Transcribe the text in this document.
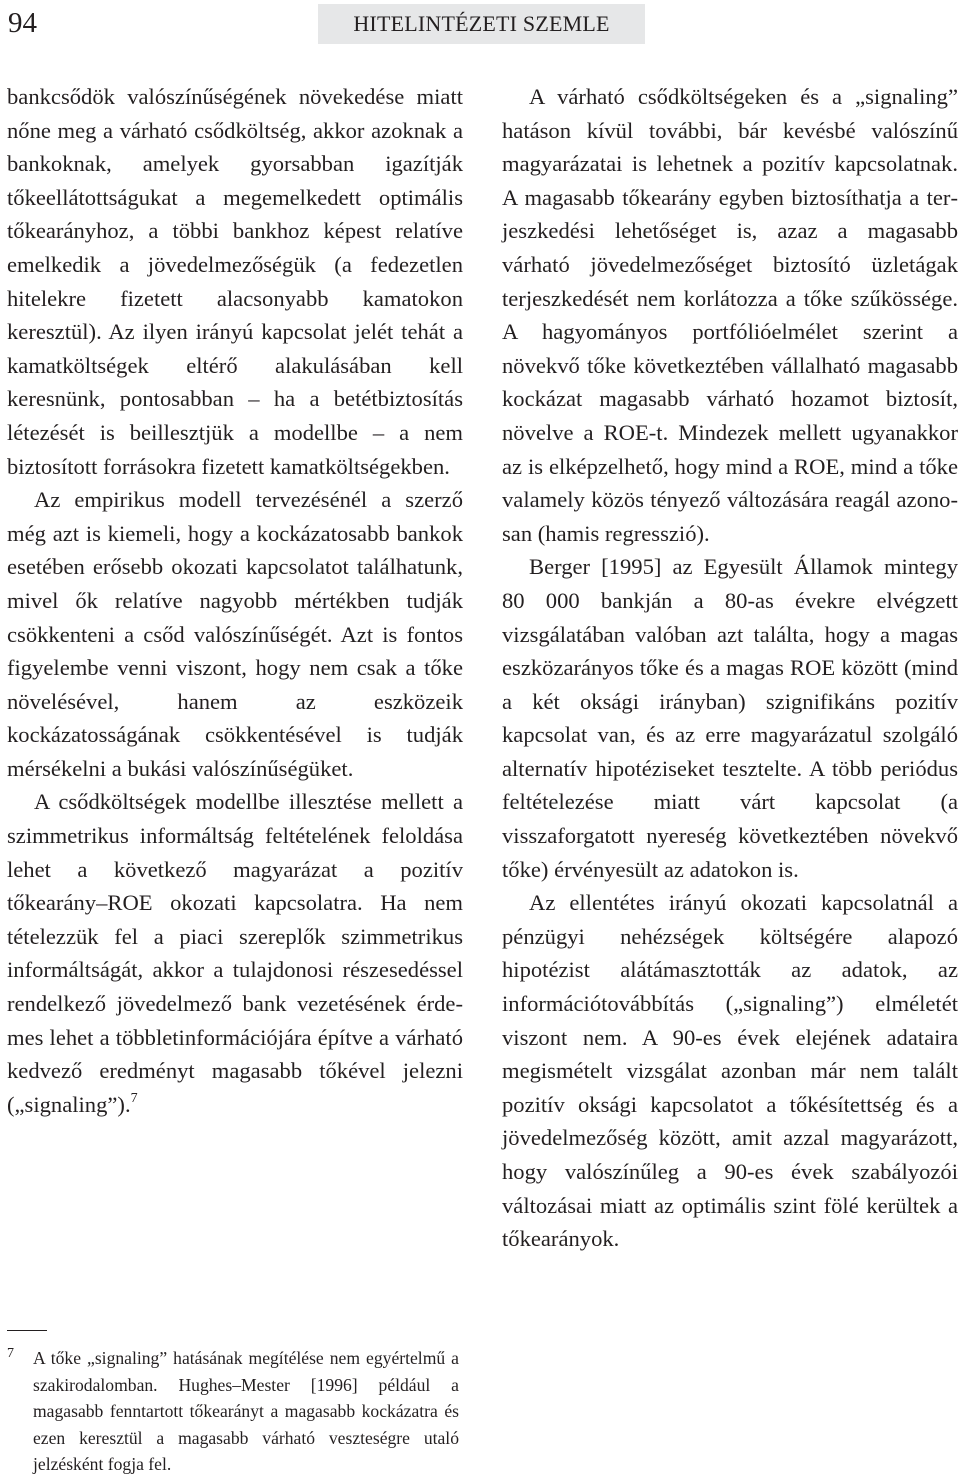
94	HITELINTÉZETI SZEMLE

bankcsődök valószínűségének növekedése miatt nőne meg a várható csődköltség, akkor azoknak a bankoknak, amelyek gyorsabban igazítják tőkeellátottságukat a megemelkedett optimális tőkearányhoz, a többi bankhoz képest relatíve emelkedik a jövedelmezőségük (a fedezetlen hitelekre fizetett alacsonyabb kamatokon keresztül). Az ilyen irányú kapcsolat jelét tehát a kamatköltségek eltérő alakulásában kell keresnünk, pontosabban – ha a betétbiztosítás létezését is beillesztjük a modellbe – a nem biztosított forrásokra fizetett kamatköltségekben.

Az empirikus modell tervezésénél a szerző még azt is kiemeli, hogy a kockázatosabb bankok esetében erősebb okozati kapcsolatot találhatunk, mivel ők relatíve nagyobb mértékben tudják csökkenteni a csőd valószínűségét. Azt is fontos figyelembe venni viszont, hogy nem csak a tőke növelésével, hanem az eszközeik kockázatosságának csökkentésével is tudják mérsékelni a bukási valószínűségüket.

A csődköltségek modellbe illesztése mellett a szimmetrikus informáltság feltételének feloldása lehet a következő magyarázat a pozitív tőkearány–ROE okozati kapcsolatra. Ha nem tételezzük fel a piaci szereplők szimmetrikus informáltságát, akkor a tulajdonosi részesedéssel rendelkező jövedelmező bank vezetésének érdemes lehet a többletinformációjára építve a várható kedvező eredményt magasabb tőkével jelezni („signaling”).$^7$

A várható csődköltségeken és a „signaling” hatáson kívül további, bár kevésbé valószínű magyarázatai is lehetnek a pozitív kapcsolatnak. A magasabb tőkearány egyben biztosíthatja a terjeszkedési lehetőséget is, azaz a magasabb várható jövedelmezőséget biztosító üzletágak terjeszkedését nem korlátozza a tőke szűkössége. A hagyományos portfólióelmélet szerint a növekvő tőke következtében vállalható magasabb kockázat magasabb várható hozamot biztosít, növelve a ROE-t. Mindezek mellett ugyanakkor az is elképzelhető, hogy mind a ROE, mind a tőke valamely közös tényező változására reagál azonosan (hamis regresszió).

Berger [1995] az Egyesült Államok mintegy 80 000 bankján a 80-as évekre elvégzett vizsgálatában valóban azt találta, hogy a magas eszközarányos tőke és a magas ROE között (mind a két oksági irányban) szignifikáns pozitív kapcsolat van, és az erre magyarázatul szolgáló alternatív hipotéziseket tesztelte. A több periódus feltételezése miatt várt kapcsolat (a visszaforgatott nyereség következtében növekvő tőke) érvényesült az adatokon is.

Az ellentétes irányú okozati kapcsolatnál a pénzügyi nehézségek költségére alapozó hipotézist alátámasztották az adatok, az információtovábbítás („signaling”) elméletét viszont nem. A 90-es évek elejének adataira megismételt vizsgálat azonban már nem talált pozitív oksági kapcsolatot a tőkésítettség és a jövedelmezőség között, amit azzal magyarázott, hogy valószínűleg a 90-es évek szabályozói változásai miatt az optimális szint fölé kerültek a tőkearányok.

7	A tőke „signaling” hatásának megítélése nem egyértelmű a szakirodalomban. Hughes–Mester [1996] például a magasabb fenntartott tőkearányt a magasabb kockázatra és ezen keresztül a magasabb várható veszteségre utaló jelzésként fogja fel.
